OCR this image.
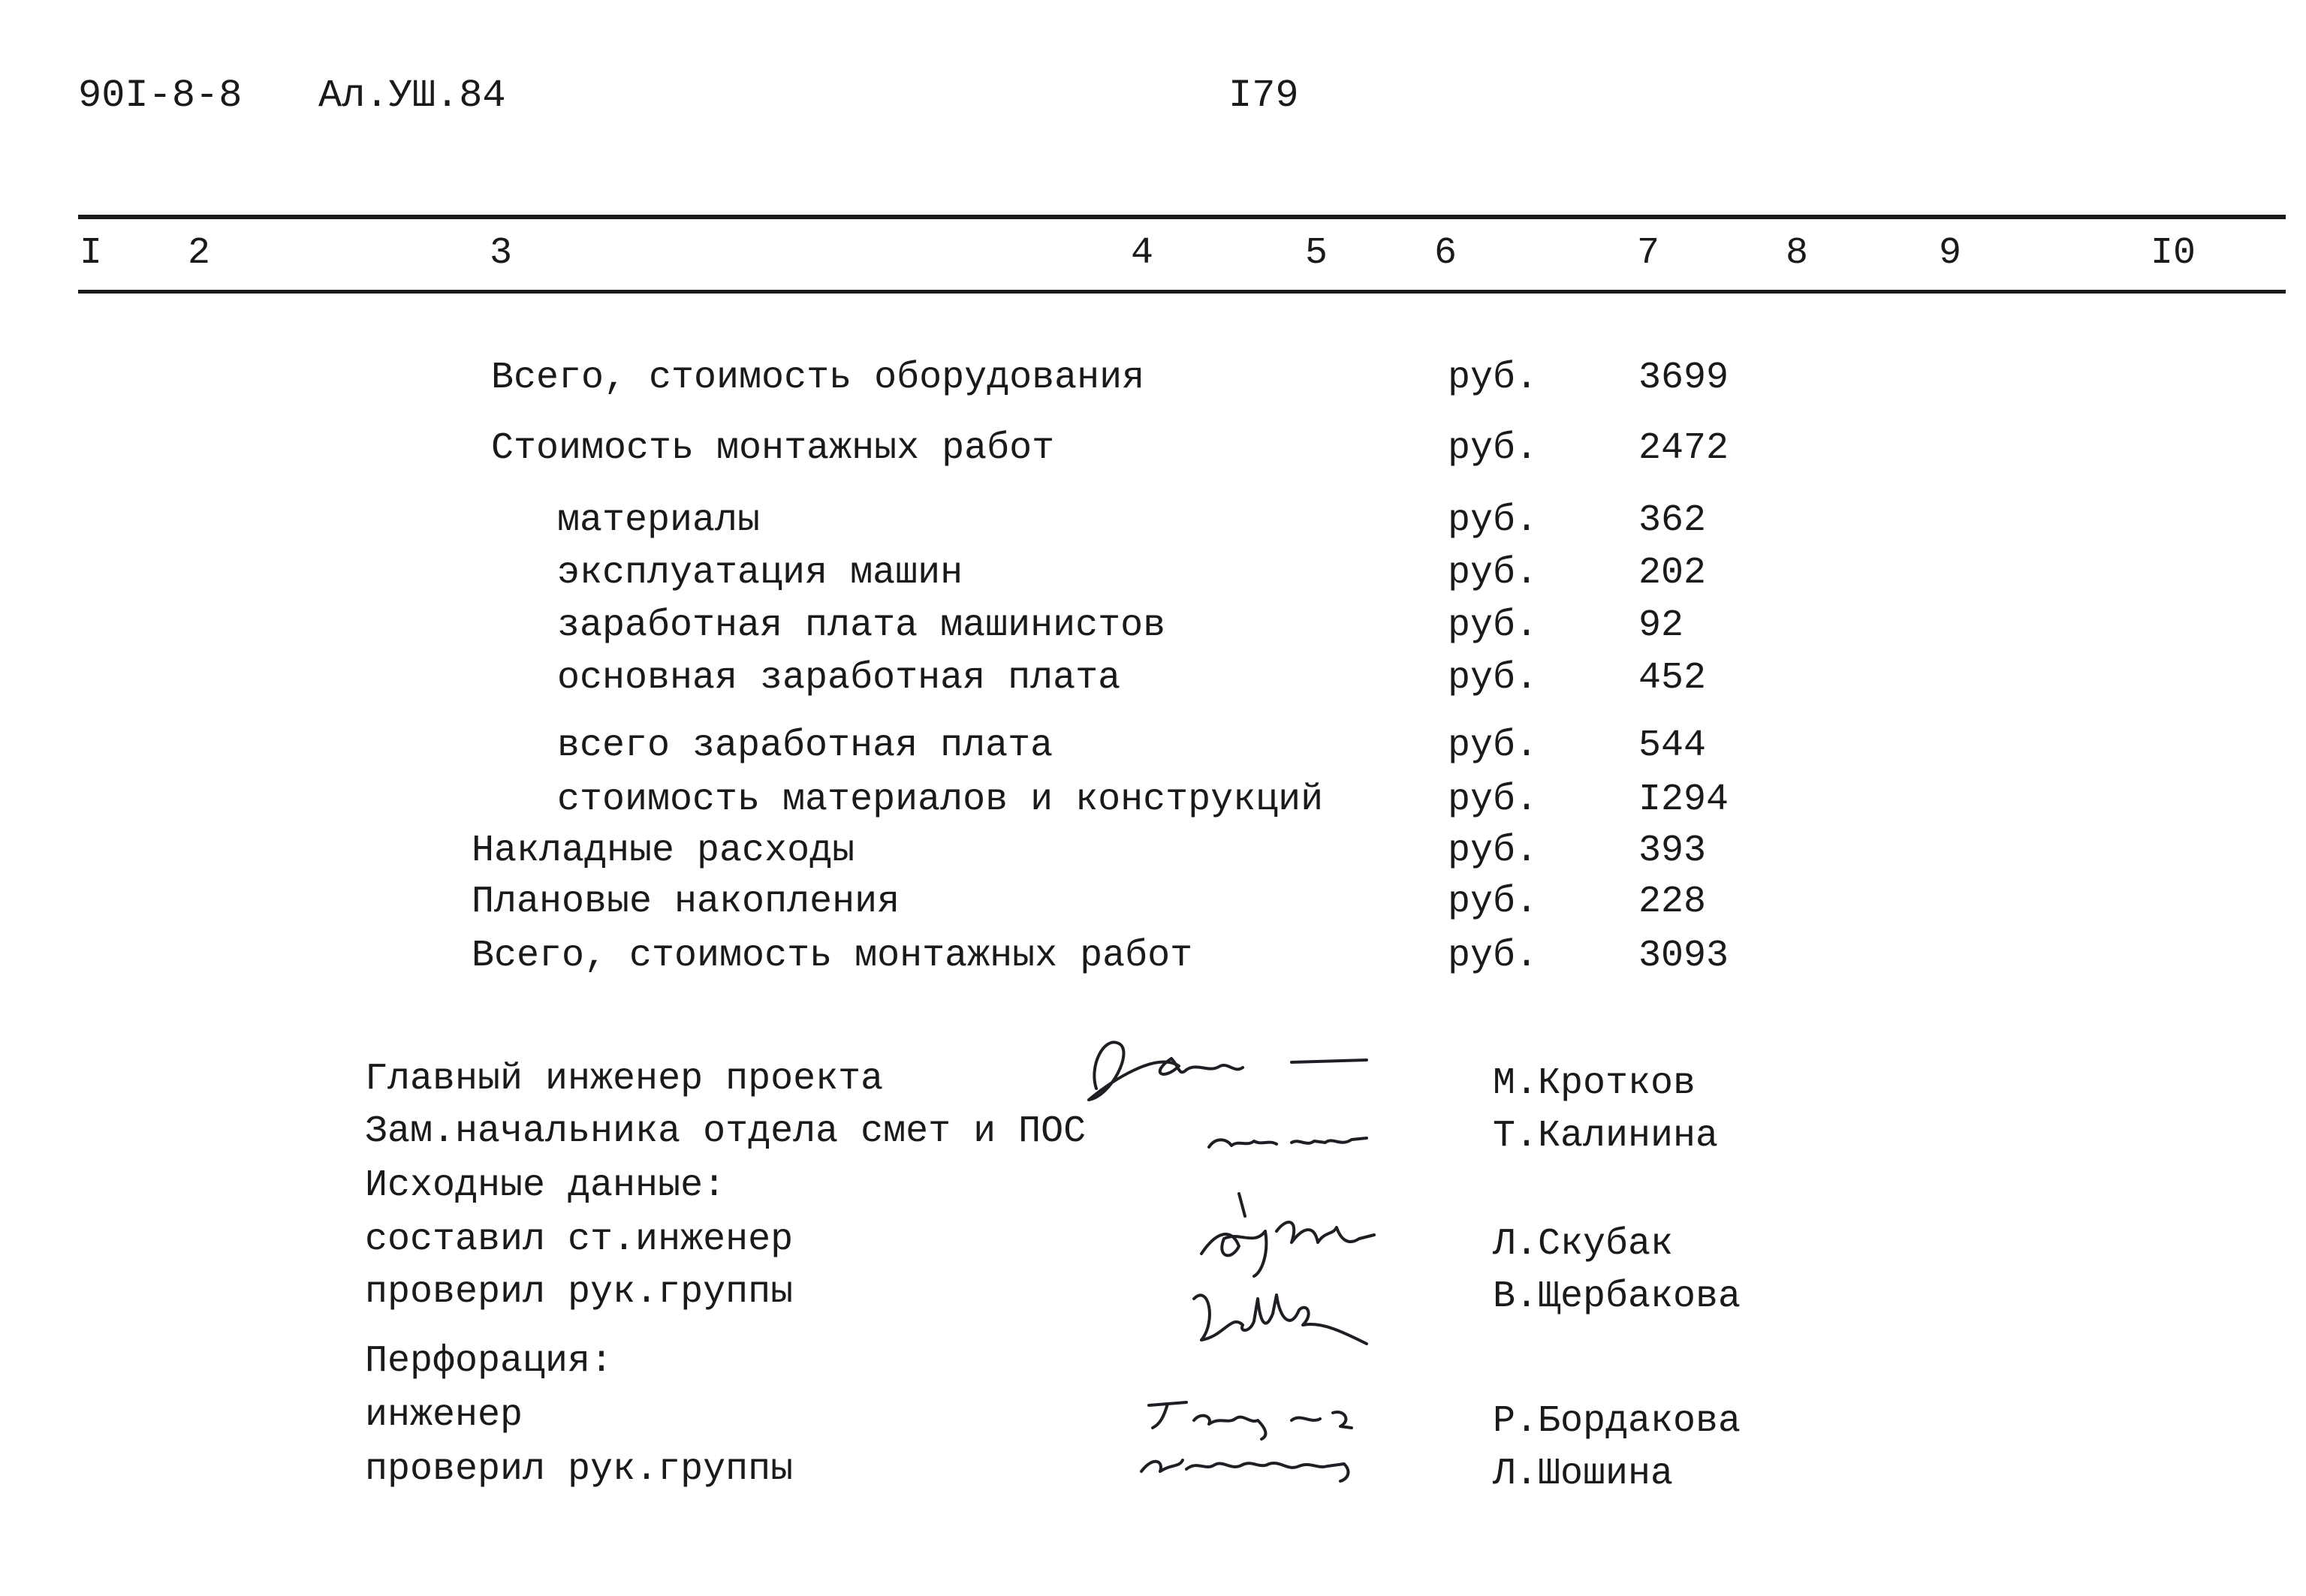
90I-8-8 Ал.УШ.84	I79
I 2	3	4	5	6	7	8	9	I0
Всего, стоимость оборудования	руб.	3699
Стоимость монтажных работ	руб.	2472
материалы	руб.	362
эксплуатация машин	руб.	202
заработная плата машинистов	руб.	92
основная заработная плата	руб.	452
всего заработная плата	руб.	544
стоимость материалов и конструкций	руб.	I294
Накладные расходы	руб.	393
Плановые накопления	руб.	228
Всего, стоимость монтажных работ	руб.	3093
Главный инженер проекта	М.Кротков
Зам.начальника отдела смет и ПОС	Т.Калинина
Исходные данные:
составил ст.инженер	Л.Скубак
проверил рук.группы	В.Щербакова
Перфорация:
инженер	Р.Бордакова
проверил рук.группы	Л.Шошина
